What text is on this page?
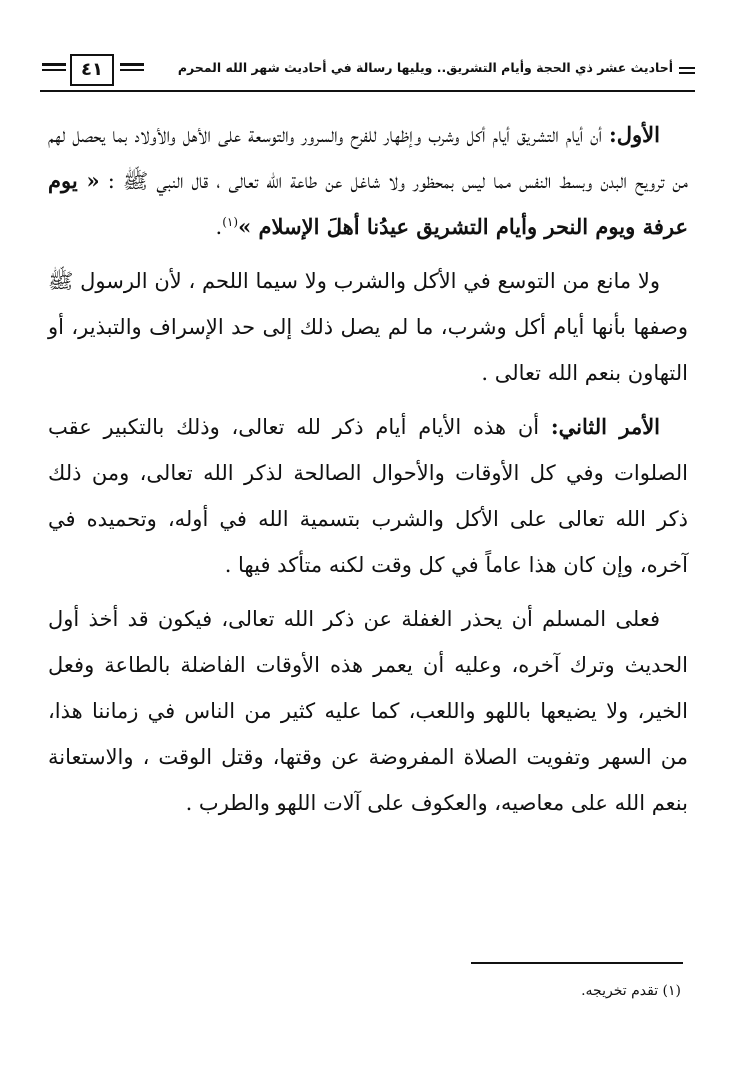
٤١	أحاديث عشر ذي الحجة وأيام التشريق.. ويليها رسالة في أحاديث شهر الله المحرم

الأول: أن أيام التشريق أيام أكل وشرب وإظهار للفرح والسرور والتوسعة على الأهل والأولاد بما يحصل لهم من ترويح البدن وبسط النفس مما ليس بمحظور ولا شاغل عن طاعة الله تعالى ، قال النبي ﷺ : « يوم عرفة ويوم النحر وأيام التشريق عيدُنا أهلَ الإسلام »$^{(١)}$.

ولا مانع من التوسع في الأكل والشرب ولا سيما اللحم ، لأن الرسول ﷺ وصفها بأنها أيام أكل وشرب، ما لم يصل ذلك إلى حد الإسراف والتبذير، أو التهاون بنعم الله تعالى .

الأمر الثاني: أن هذه الأيام أيام ذكر لله تعالى، وذلك بالتكبير عقب الصلوات وفي كل الأوقات والأحوال الصالحة لذكر الله تعالى، ومن ذلك ذكر الله تعالى على الأكل والشرب بتسمية الله في أوله، وتحميده في آخره، وإن كان هذا عاماً في كل وقت لكنه متأكد فيها .

فعلى المسلم أن يحذر الغفلة عن ذكر الله تعالى، فيكون قد أخذ أول الحديث وترك آخره، وعليه أن يعمر هذه الأوقات الفاضلة بالطاعة وفعل الخير، ولا يضيعها باللهو واللعب، كما عليه كثير من الناس في زماننا هذا، من السهر وتفويت الصلاة المفروضة عن وقتها، وقتل الوقت ، والاستعانة بنعم الله على معاصيه، والعكوف على آلات اللهو والطرب .

(١) تقدم تخريجه.
